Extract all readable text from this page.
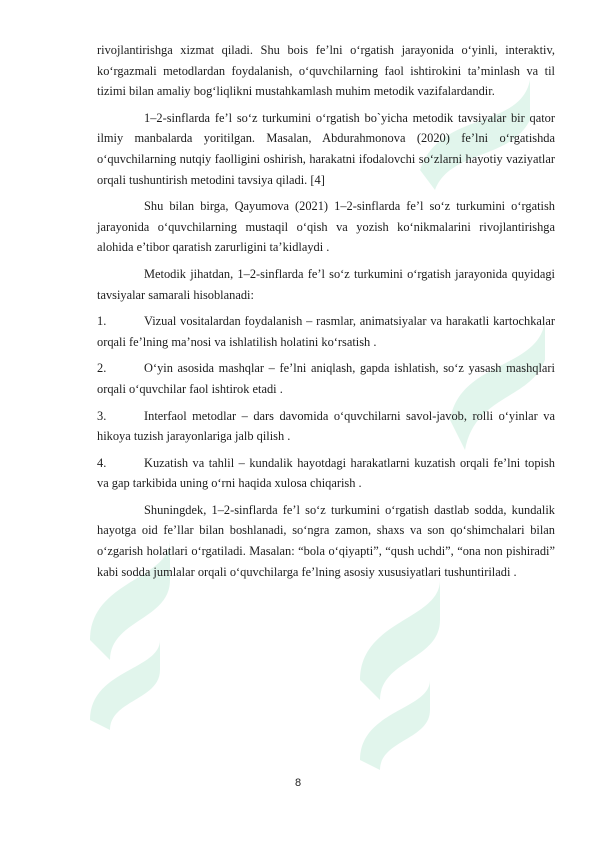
rivojlantirishga xizmat qiladi. Shu bois fe’lni o‘rgatish jarayonida o‘yinli, interaktiv, ko‘rgazmali metodlardan foydalanish, o‘quvchilarning faol ishtirokini ta’minlash va til tizimi bilan amaliy bog‘liqlikni mustahkamlash muhim metodik vazifalardandir.

1–2-sinflarda fe’l so‘z turkumini o‘rgatish bo`yicha metodik tavsiyalar bir qator ilmiy manbalarda yoritilgan. Masalan, Abdurahmonova (2020) fe’lni o‘rgatishda o‘quvchilarning nutqiy faolligini oshirish, harakatni ifodalovchi so‘zlarni hayotiy vaziyatlar orqali tushuntirish metodini tavsiya qiladi. [4]

Shu bilan birga, Qayumova (2021) 1–2-sinflarda fe’l so‘z turkumini o‘rgatish jarayonida o‘quvchilarning mustaqil o‘qish va yozish ko‘nikmalarini rivojlantirishga alohida e’tibor qaratish zarurligini ta’kidlaydi .

Metodik jihatdan, 1–2-sinflarda fe’l so‘z turkumini o‘rgatish jarayonida quyidagi tavsiyalar samarali hisoblanadi:

1.	Vizual vositalardan foydalanish – rasmlar, animatsiyalar va harakatli kartochkalar orqali fe’lning ma’nosi va ishlatilish holatini ko‘rsatish .

2.	O‘yin asosida mashqlar – fe’lni aniqlash, gapda ishlatish, so‘z yasash mashqlari orqali o‘quvchilar faol ishtirok etadi .

3.	Interfaol metodlar – dars davomida o‘quvchilarni savol-javob, rolli o‘yinlar va hikoya tuzish jarayonlariga jalb qilish .

4.	Kuzatish va tahlil – kundalik hayotdagi harakatlarni kuzatish orqali fe’lni topish va gap tarkibida uning o‘rni haqida xulosa chiqarish .

Shuningdek, 1–2-sinflarda fe’l so‘z turkumini o‘rgatish dastlab sodda, kundalik hayotga oid fe’llar bilan boshlanadi, so‘ngra zamon, shaxs va son qo‘shimchalari bilan o‘zgarish holatlari o‘rgatiladi. Masalan: “bola o‘qiyapti”, “qush uchdi”, “ona non pishiradi” kabi sodda jumlalar orqali o‘quvchilarga fe’lning asosiy xususiyatlari tushuntiriladi .

8
